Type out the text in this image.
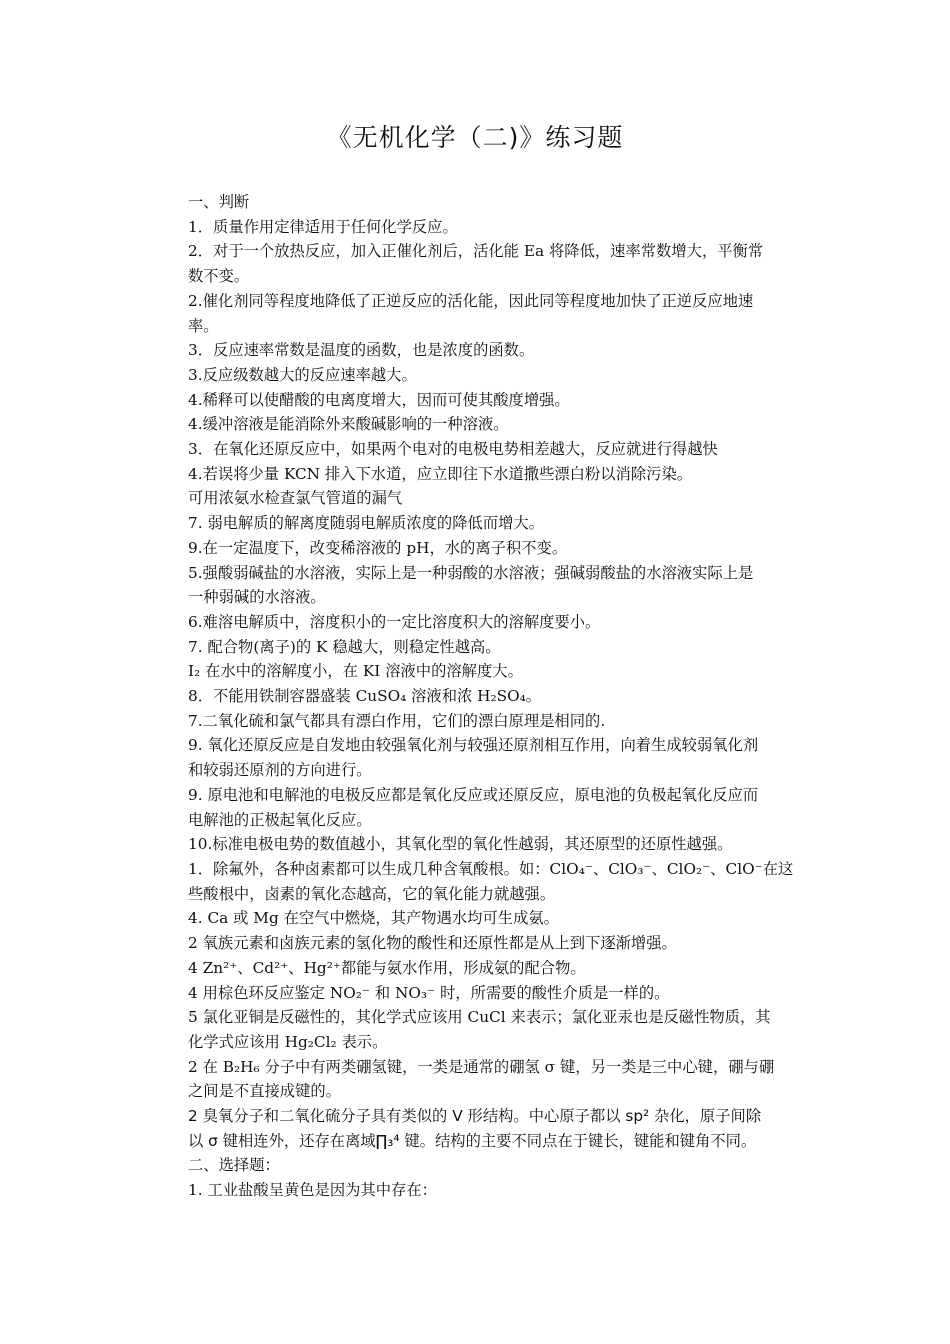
《无机化学（二)》练习题
一、判断
1．质量作用定律适用于任何化学反应。
2．对于一个放热反应，加入正催化剂后，活化能 Ea 将降低，速率常数增大，平衡常
数不变。
2.催化剂同等程度地降低了正逆反应的活化能，因此同等程度地加快了正逆反应地速
率。
3．反应速率常数是温度的函数，也是浓度的函数。
3.反应级数越大的反应速率越大。
4.稀释可以使醋酸的电离度增大，因而可使其酸度增强。
4.缓冲溶液是能消除外来酸碱影响的一种溶液。
3．在氧化还原反应中，如果两个电对的电极电势相差越大，反应就进行得越快
4.若误将少量 KCN 排入下水道，应立即往下水道撒些漂白粉以消除污染。
可用浓氨水检查氯气管道的漏气
7. 弱电解质的解离度随弱电解质浓度的降低而增大。
9.在一定温度下，改变稀溶液的 pH，水的离子积不变。
5.强酸弱碱盐的水溶液，实际上是一种弱酸的水溶液；强碱弱酸盐的水溶液实际上是
一种弱碱的水溶液。
6.难溶电解质中，溶度积小的一定比溶度积大的溶解度要小。
7. 配合物(离子)的 K 稳越大，则稳定性越高。
I₂ 在水中的溶解度小，在 KI 溶液中的溶解度大。
8．不能用铁制容器盛装 CuSO₄ 溶液和浓 H₂SO₄。
7.二氧化硫和氯气都具有漂白作用，它们的漂白原理是相同的.
9. 氧化还原反应是自发地由较强氧化剂与较强还原剂相互作用，向着生成较弱氧化剂
和较弱还原剂的方向进行。
9. 原电池和电解池的电极反应都是氧化反应或还原反应，原电池的负极起氧化反应而
电解池的正极起氧化反应。
10.标准电极电势的数值越小，其氧化型的氧化性越弱，其还原型的还原性越强。
1．除氟外，各种卤素都可以生成几种含氧酸根。如：ClO₄⁻、ClO₃⁻、ClO₂⁻、ClO⁻在这
些酸根中，卤素的氧化态越高，它的氧化能力就越强。
4. Ca 或 Mg 在空气中燃烧，其产物遇水均可生成氨。
2 氧族元素和卤族元素的氢化物的酸性和还原性都是从上到下逐渐增强。
4 Zn²⁺、Cd²⁺、Hg²⁺都能与氨水作用，形成氨的配合物。
4 用棕色环反应鉴定 NO₂⁻ 和 NO₃⁻ 时，所需要的酸性介质是一样的。
5 氯化亚铜是反磁性的，其化学式应该用 CuCl 来表示；氯化亚汞也是反磁性物质，其
化学式应该用 Hg₂Cl₂ 表示。
2 在 B₂H₆ 分子中有两类硼氢键，一类是通常的硼氢 σ 键，另一类是三中心键，硼与硼
之间是不直接成键的。
2 臭氧分子和二氧化硫分子具有类似的 V 形结构。中心原子都以 sp² 杂化，原子间除
以 σ 键相连外，还存在离域∏₃⁴ 键。结构的主要不同点在于键长，键能和键角不同。
二、选择题：
1. 工业盐酸呈黄色是因为其中存在：
